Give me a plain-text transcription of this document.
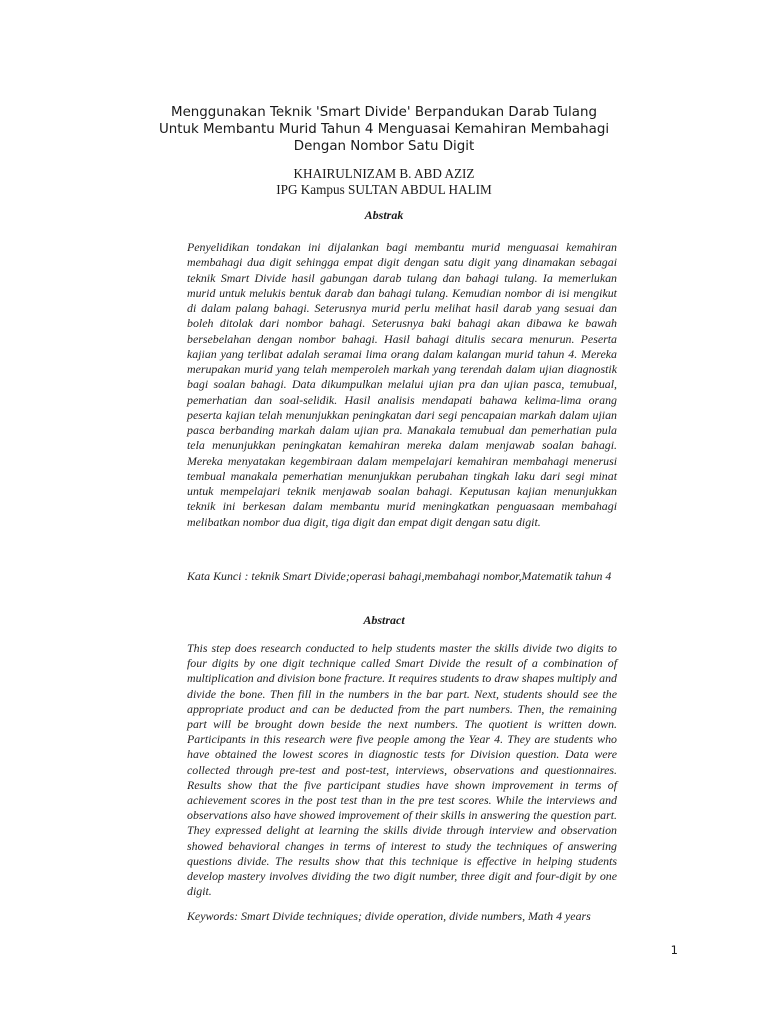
Menggunakan Teknik 'Smart Divide' Berpandukan Darab Tulang Untuk Membantu Murid Tahun 4 Menguasai Kemahiran Membahagi Dengan Nombor Satu Digit
KHAIRULNIZAM B. ABD AZIZ
IPG Kampus SULTAN ABDUL HALIM
Abstrak
Penyelidikan tondakan ini dijalankan bagi membantu murid menguasai kemahiran membahagi dua digit sehingga empat digit dengan satu digit yang dinamakan sebagai teknik Smart Divide hasil gabungan darab tulang dan bahagi tulang. Ia memerlukan murid untuk melukis bentuk darab dan bahagi tulang. Kemudian nombor di isi mengikut di dalam palang bahagi. Seterusnya murid perlu melihat hasil darab yang sesuai dan boleh ditolak dari nombor bahagi. Seterusnya baki bahagi akan dibawa ke bawah bersebelahan dengan nombor bahagi. Hasil bahagi ditulis secara menurun. Peserta kajian yang terlibat adalah seramai lima orang dalam kalangan murid tahun 4. Mereka merupakan murid yang telah memperoleh markah yang terendah dalam ujian diagnostik bagi soalan bahagi. Data dikumpulkan melalui ujian pra dan ujian pasca, temubual, pemerhatian dan soal-selidik. Hasil analisis mendapati bahawa kelima-lima orang peserta kajian telah menunjukkan peningkatan dari segi pencapaian markah dalam ujian pasca berbanding markah dalam ujian pra. Manakala temubual dan pemerhatian pula tela menunjukkan peningkatan kemahiran mereka dalam menjawab soalan bahagi. Mereka menyatakan kegembiraan dalam mempelajari kemahiran membahagi menerusi tembual manakala pemerhatian menunjukkan perubahan tingkah laku dari segi minat untuk mempelajari teknik menjawab soalan bahagi. Keputusan kajian menunjukkan teknik ini berkesan dalam membantu murid meningkatkan penguasaan membahagi melibatkan nombor dua digit, tiga digit dan empat digit dengan satu digit.
Kata Kunci : teknik Smart Divide;operasi bahagi,membahagi nombor,Matematik tahun 4
Abstract
This step does research conducted to help students master the skills divide two digits to four digits by one digit technique called Smart Divide the result of a combination of multiplication and division bone fracture. It requires students to draw shapes multiply and divide the bone. Then fill in the numbers in the bar part. Next, students should see the appropriate product and can be deducted from the part numbers. Then, the remaining part will be brought down beside the next numbers. The quotient is written down. Participants in this research were five people among the Year 4. They are students who have obtained the lowest scores in diagnostic tests for Division question. Data were collected through pre-test and post-test, interviews, observations and questionnaires. Results show that the five participant studies have shown improvement in terms of achievement scores in the post test than in the pre test scores. While the interviews and observations also have showed improvement of their skills in answering the question part. They expressed delight at learning the skills divide through interview and observation showed behavioral changes in terms of interest to study the techniques of answering questions divide. The results show that this technique is effective in helping students develop mastery involves dividing the two digit number, three digit and four-digit by one digit.
Keywords: Smart Divide techniques; divide operation, divide numbers, Math 4 years
1
